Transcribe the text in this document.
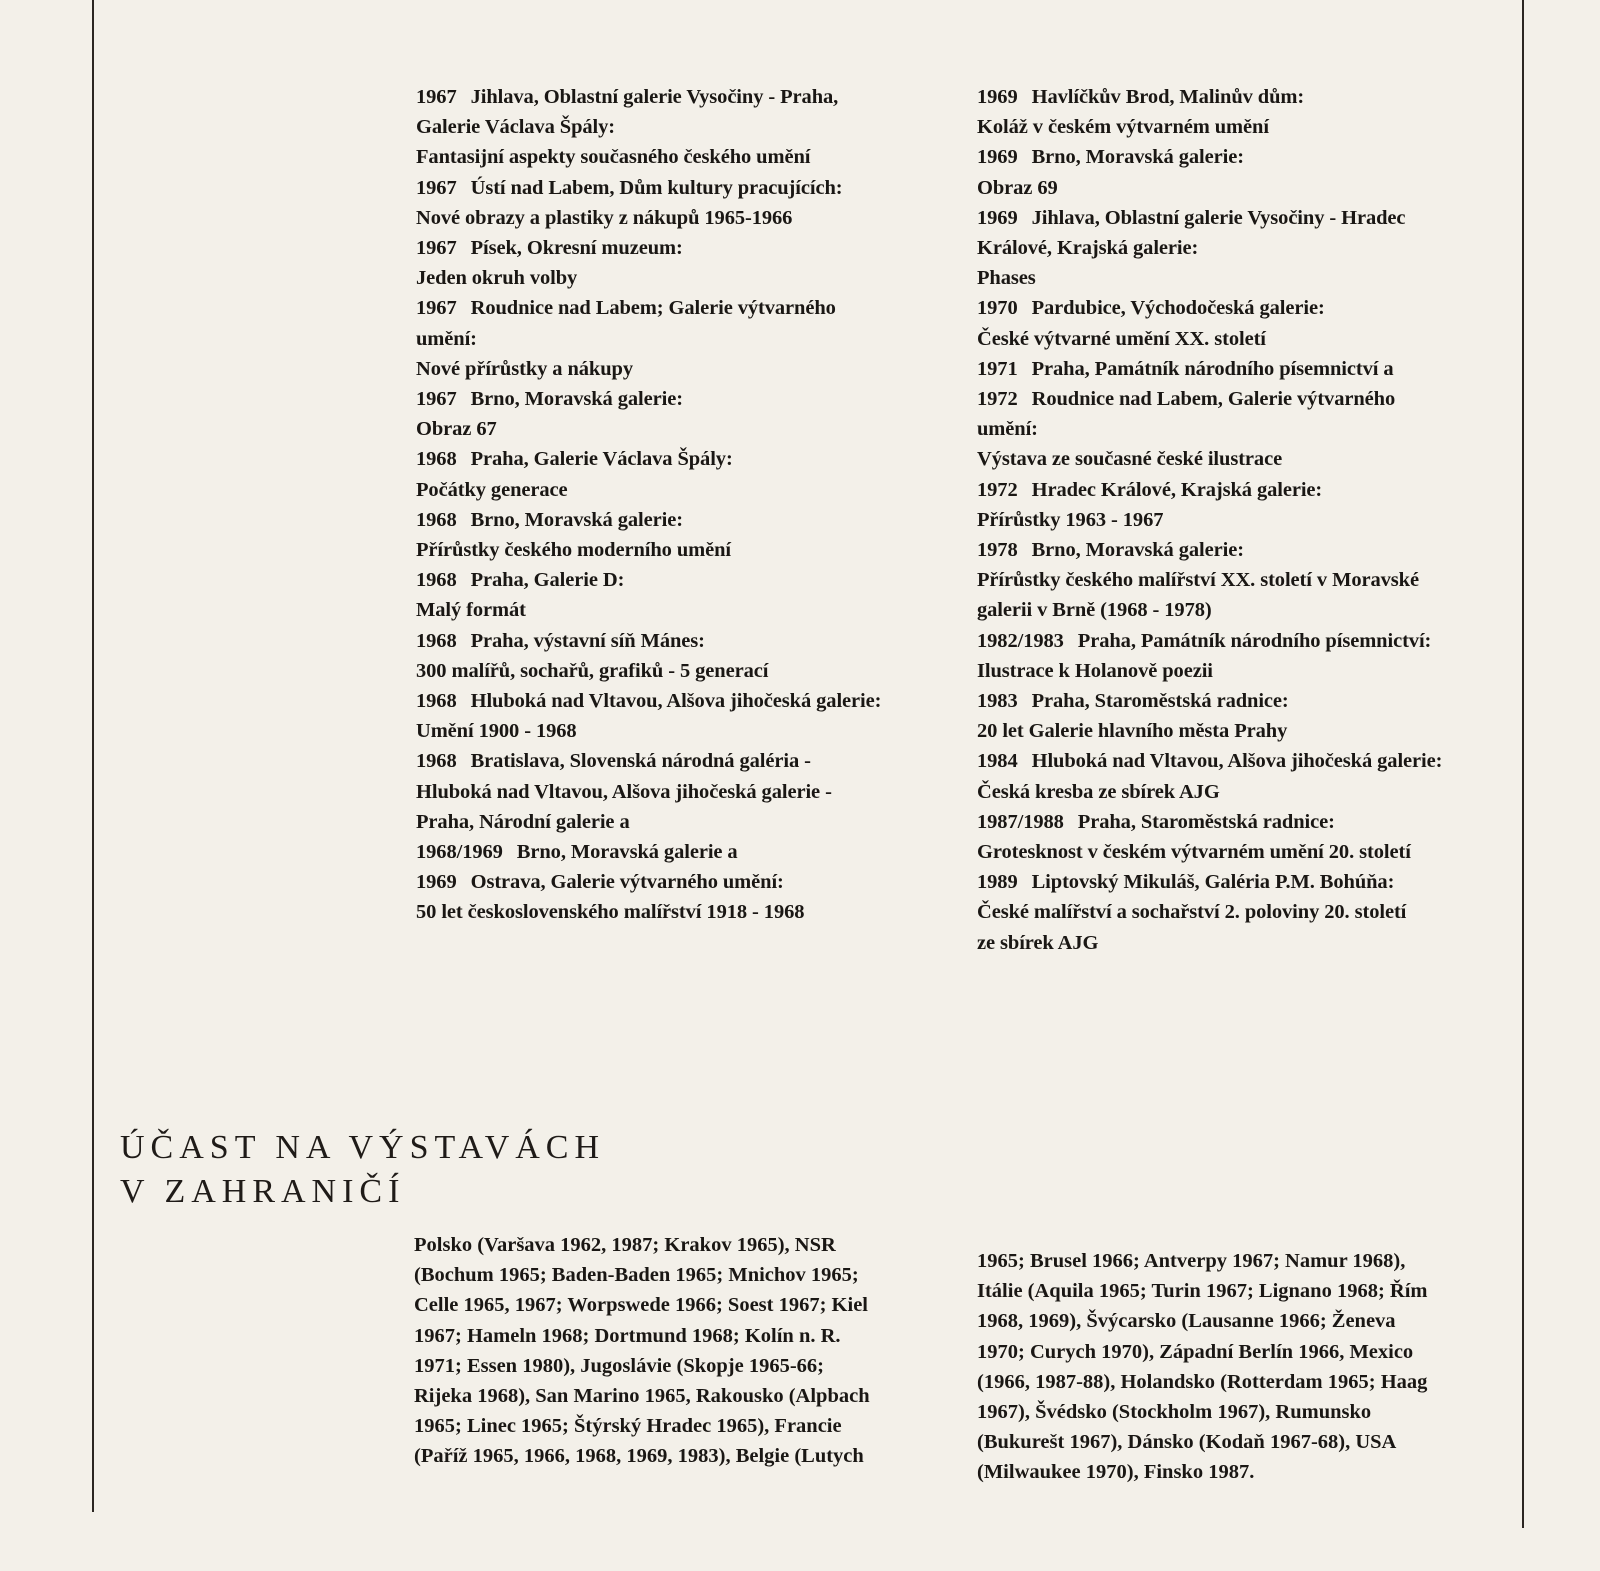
1967 Jihlava, Oblastní galerie Vysočiny - Praha,
Galerie Václava Špály:
Fantasijní aspekty současného českého umění
1967 Ústí nad Labem, Dům kultury pracujících:
Nové obrazy a plastiky z nákupů 1965-1966
1967 Písek, Okresní muzeum:
Jeden okruh volby
1967 Roudnice nad Labem; Galerie výtvarného
umění:
Nové přírůstky a nákupy
1967 Brno, Moravská galerie:
Obraz 67
1968 Praha, Galerie Václava Špály:
Počátky generace
1968 Brno, Moravská galerie:
Přírůstky českého moderního umění
1968 Praha, Galerie D:
Malý formát
1968 Praha, výstavní síň Mánes:
300 malířů, sochařů, grafiků - 5 generací
1968 Hluboká nad Vltavou, Alšova jihočeská galerie:
Umění 1900 - 1968
1968 Bratislava, Slovenská národná galéria -
Hluboká nad Vltavou, Alšova jihočeská galerie -
Praha, Národní galerie a
1968/1969 Brno, Moravská galerie a
1969 Ostrava, Galerie výtvarného umění:
50 let československého malířství 1918 - 1968
1969 Havlíčkův Brod, Malinův dům:
Koláž v českém výtvarném umění
1969 Brno, Moravská galerie:
Obraz 69
1969 Jihlava, Oblastní galerie Vysočiny - Hradec
Králové, Krajská galerie:
Phases
1970 Pardubice, Východočeská galerie:
České výtvarné umění XX. století
1971 Praha, Památník národního písemnictví a
1972 Roudnice nad Labem, Galerie výtvarného
umění:
Výstava ze současné české ilustrace
1972 Hradec Králové, Krajská galerie:
Přírůstky 1963 - 1967
1978 Brno, Moravská galerie:
Přírůstky českého malířství XX. století v Moravské
galerii v Brně (1968 - 1978)
1982/1983 Praha, Památník národního písemnictví:
Ilustrace k Holanově poezii
1983 Praha, Staroměstská radnice:
20 let Galerie hlavního města Prahy
1984 Hluboká nad Vltavou, Alšova jihočeská galerie:
Česká kresba ze sbírek AJG
1987/1988 Praha, Staroměstská radnice:
Grotesknost v českém výtvarném umění 20. století
1989 Liptovský Mikuláš, Galéria P.M. Bohúňa:
České malířství a sochařství 2. poloviny 20. století
ze sbírek AJG
ÚČAST NA VÝSTAVÁCH
V ZAHRANIČÍ
Polsko (Varšava 1962, 1987; Krakov 1965), NSR
(Bochum 1965; Baden-Baden 1965; Mnichov 1965;
Celle 1965, 1967; Worpswede 1966; Soest 1967; Kiel
1967; Hameln 1968; Dortmund 1968; Kolín n. R.
1971; Essen 1980), Jugoslávie (Skopje 1965-66;
Rijeka 1968), San Marino 1965, Rakousko (Alpbach
1965; Linec 1965; Štýrský Hradec 1965), Francie
(Paříž 1965, 1966, 1968, 1969, 1983), Belgie (Lutych
1965; Brusel 1966; Antverpy 1967; Namur 1968),
Itálie (Aquila 1965; Turin 1967; Lignano 1968; Řím
1968, 1969), Švýcarsko (Lausanne 1966; Ženeva
1970; Curych 1970), Západní Berlín 1966, Mexico
(1966, 1987-88), Holandsko (Rotterdam 1965; Haag
1967), Švédsko (Stockholm 1967), Rumunsko
(Bukurešt 1967), Dánsko (Kodaň 1967-68), USA
(Milwaukee 1970), Finsko 1987.
